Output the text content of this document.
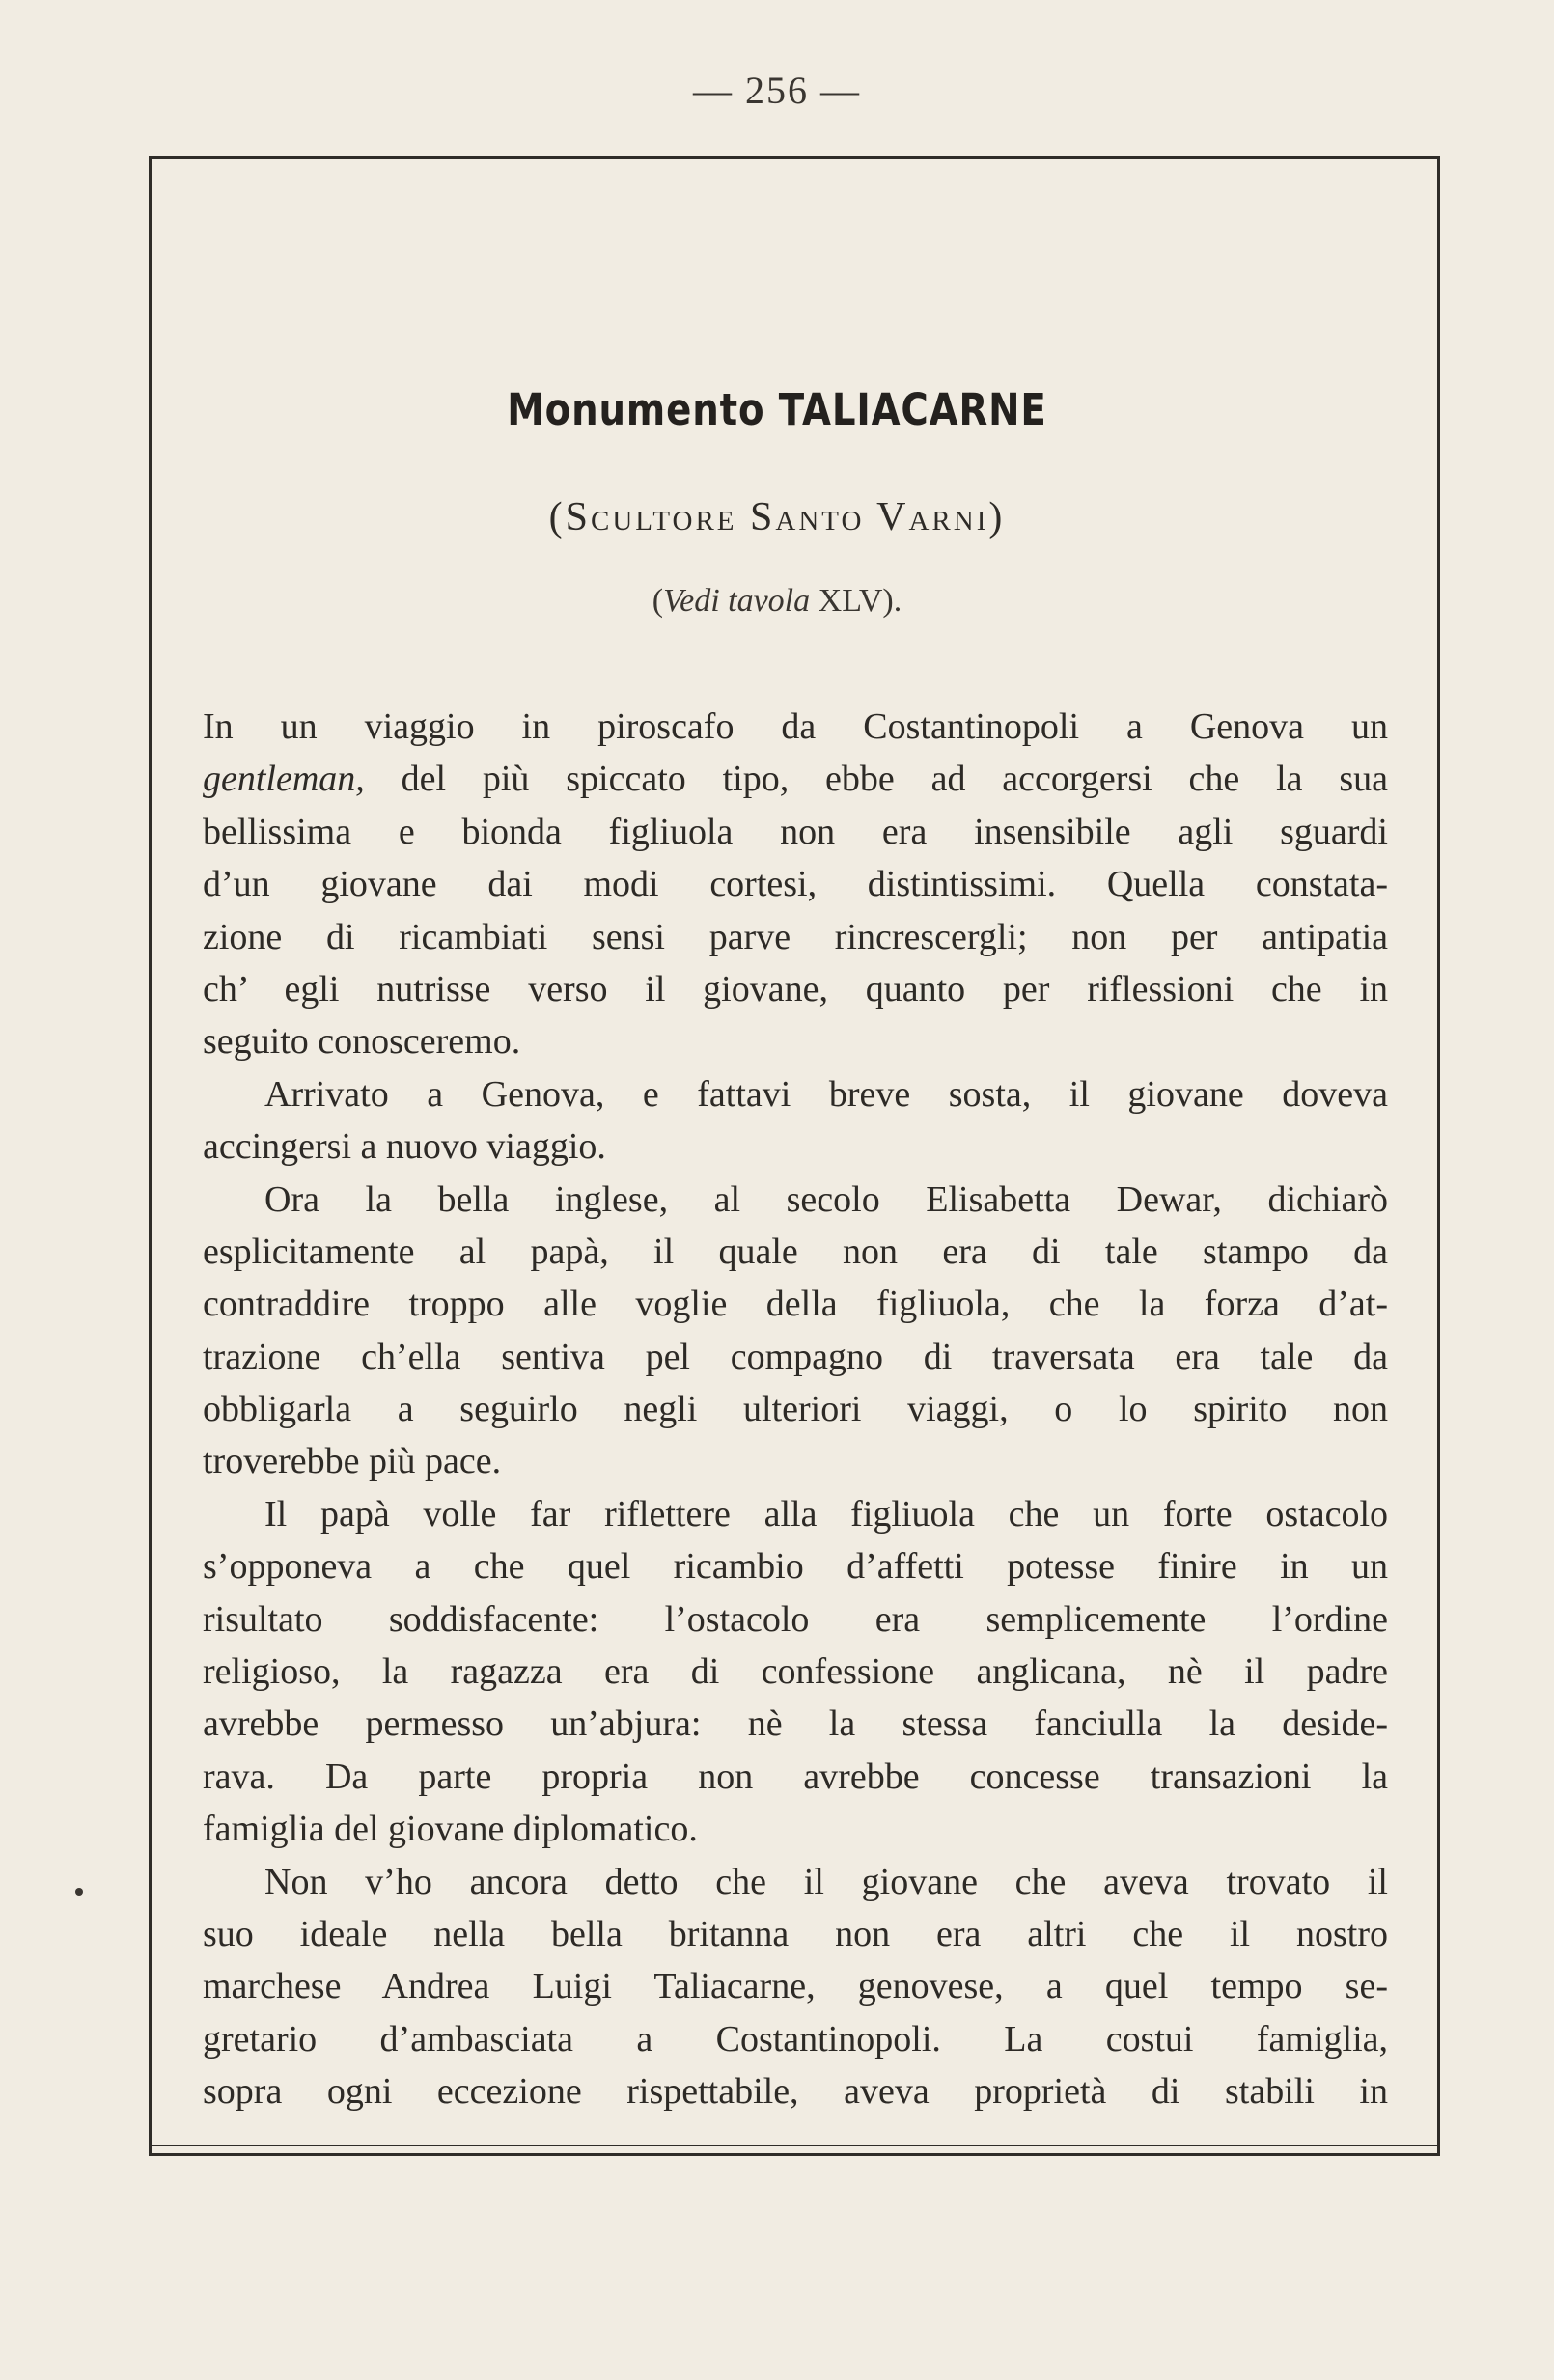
— 256 —
Monumento TALIACARNE
(Scultore Santo Varni)
(Vedi tavola XLV).
In un viaggio in piroscafo da Costantinopoli a Genova un
gentleman, del più spiccato tipo, ebbe ad accorgersi che la sua
bellissima e bionda figliuola non era insensibile agli sguardi
d’un giovane dai modi cortesi, distintissimi. Quella constata-
zione di ricambiati sensi parve rincrescergli; non per antipatia
ch’ egli nutrisse verso il giovane, quanto per riflessioni che in
seguito conosceremo.
Arrivato a Genova, e fattavi breve sosta, il giovane doveva
accingersi a nuovo viaggio.
Ora la bella inglese, al secolo Elisabetta Dewar, dichiarò
esplicitamente al papà, il quale non era di tale stampo da
contraddire troppo alle voglie della figliuola, che la forza d’at-
trazione ch’ella sentiva pel compagno di traversata era tale da
obbligarla a seguirlo negli ulteriori viaggi, o lo spirito non
troverebbe più pace.
Il papà volle far riflettere alla figliuola che un forte ostacolo
s’opponeva a che quel ricambio d’affetti potesse finire in un
risultato soddisfacente: l’ostacolo era semplicemente l’ordine
religioso, la ragazza era di confessione anglicana, nè il padre
avrebbe permesso un’abjura: nè la stessa fanciulla la deside-
rava. Da parte propria non avrebbe concesse transazioni la
famiglia del giovane diplomatico.
Non v’ho ancora detto che il giovane che aveva trovato il
suo ideale nella bella britanna non era altri che il nostro
marchese Andrea Luigi Taliacarne, genovese, a quel tempo se-
gretario d’ambasciata a Costantinopoli. La costui famiglia,
sopra ogni eccezione rispettabile, aveva proprietà di stabili in
